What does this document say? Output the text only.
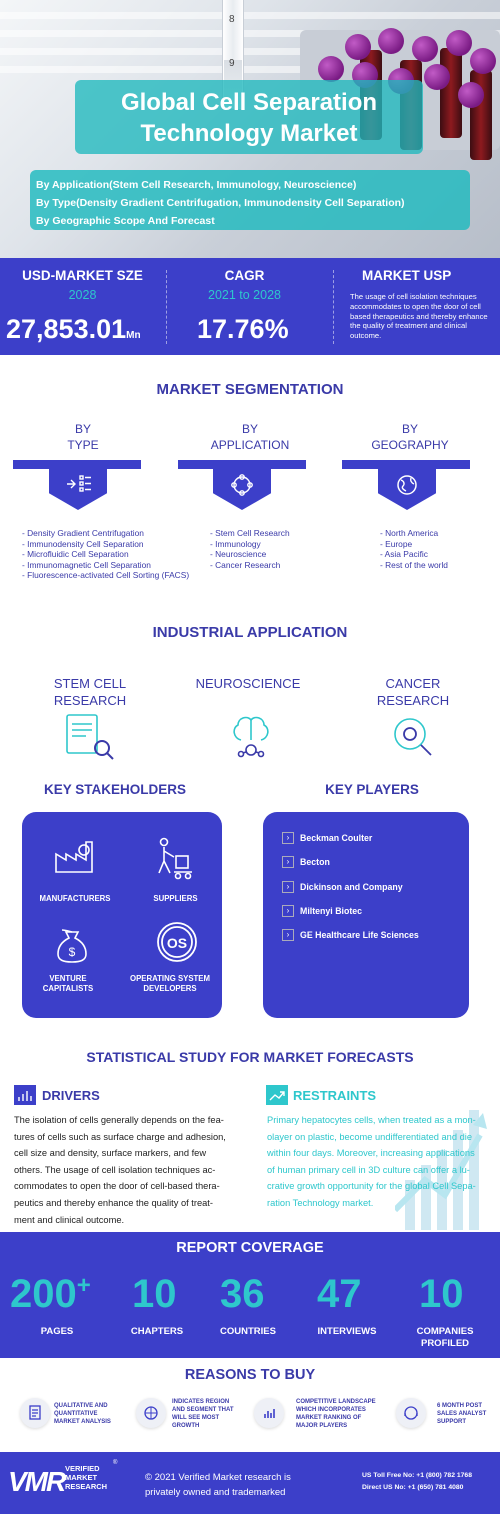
8
9
Global Cell Separation
Technology Market
By Application(Stem Cell Research, Immunology, Neuroscience)
By Type(Density Gradient Centrifugation, Immunodensity Cell Separation)
By Geographic Scope And Forecast
USD-MARKET SZE
2028
27,853.01Mn
CAGR
2021 to 2028
17.76%
MARKET USP
The usage of cell isolation techniques accommodates to open the door of cell based therapeutics and thereby enhance the quality of treatment and clinical outcome.
MARKET SEGMENTATION
BY
TYPE
BY
APPLICATION
BY
GEOGRAPHY
- Density Gradient Centrifugation
- Immunodensity Cell Separation
- Microfluidic Cell Separation
- Immunomagnetic Cell Separation
- Fluorescence-activated Cell Sorting (FACS)
- Stem Cell Research
- Immunology
- Neuroscience
- Cancer Research
- North America
- Europe
- Asia Pacific
- Rest of the world
INDUSTRIAL APPLICATION
STEM CELL
RESEARCH
NEUROSCIENCE	CANCER
RESEARCH
KEY STAKEHOLDERS	KEY PLAYERS
MANUFACTURERS	SUPPLIERS
$
VENTURE
CAPITALISTS
OS
OPERATING SYSTEM
DEVELOPERS
›	Beckman Coulter
›	Becton
›	Dickinson and Company
›	Miltenyi Biotec
›	GE Healthcare Life Sciences
STATISTICAL STUDY FOR MARKET FORECASTS
DRIVERS	RESTRAINTS
The isolation of cells generally depends on the fea-
tures of cells such as surface charge and adhesion,
cell size and density, surface markers, and few
others. The usage of cell isolation techniques ac-
commodates to open the door of cell-based thera-
peutics and thereby enhance the quality of treat-
ment and clinical outcome.
Primary hepatocytes cells, when treated as a mon-
olayer on plastic, become undifferentiated and die
within four days. Moreover, increasing applications
of human primary cell in 3D culture can offer a lu-
crative growth opportunity for the global Cell Sepa-
ration Technology market.
REPORT COVERAGE
200+ 10 36 47 10
PAGES	CHAPTERS	COUNTRIES	INTERVIEWS	COMPANIES
PROFILED
REASONS TO BUY
QUALITATIVE AND
QUANTITATIVE
MARKET ANALYSIS
INDICATES REGION
AND SEGMENT THAT
WILL SEE MOST
GROWTH
COMPETITIVE LANDSCAPE
WHICH INCORPORATES
MARKET RANKING OF
MAJOR PLAYERS
6 MONTH POST
SALES ANALYST
SUPPORT
VMR VERIFIED
MARKET
RESEARCH
®
© 2021 Verified Market research is
privately owned and trademarked
US Toll Free No: +1 (800) 782 1768
Direct US No: +1 (650) 781 4080
